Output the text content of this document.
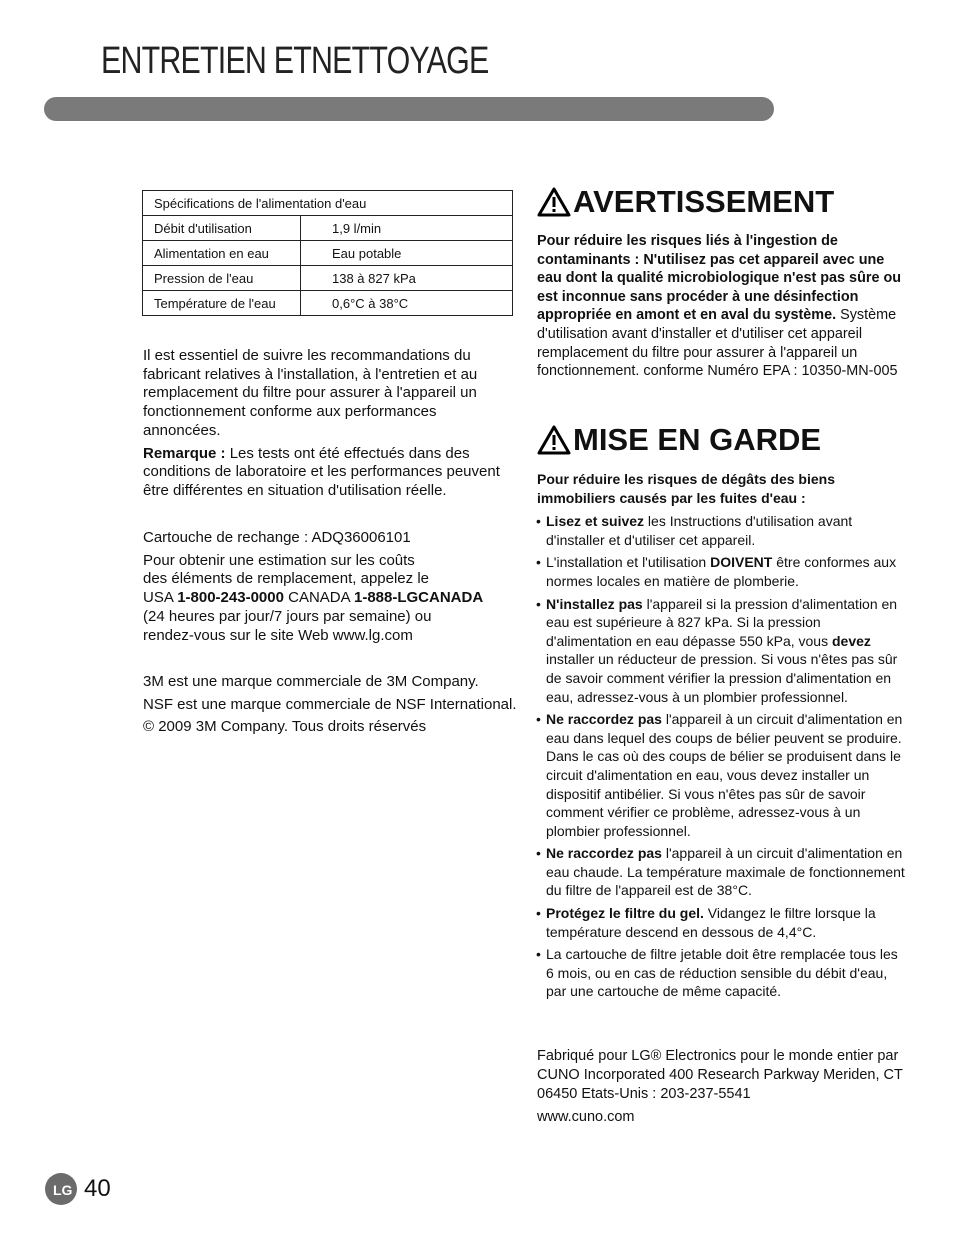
ENTRETIEN ETNETTOYAGE
Spécifications de l'alimentation d'eau	
Débit d'utilisation	1,9 l/min
Alimentation en eau	Eau potable
Pression de l'eau	138 à 827 kPa
Température de l'eau	0,6°C à 38°C

Il est essentiel de suivre les recommandations du fabricant relatives à l'installation, à l'entretien et au remplacement du filtre pour assurer à l'appareil un fonctionnement conforme aux performances annoncées.

Remarque : Les tests ont été effectués dans des conditions de laboratoire et les performances peuvent être différentes en situation d'utilisation réelle.

Cartouche de rechange : ADQ36006101

Pour obtenir une estimation sur les coûts
des éléments de remplacement, appelez le
USA 1-800-243-0000 CANADA 1-888-LGCANADA
(24 heures par jour/7 jours par semaine) ou
rendez-vous sur le site Web www.lg.com

3M est une marque commerciale de 3M Company.

NSF est une marque commerciale de NSF International.

© 2009 3M Company. Tous droits réservés

AVERTISSEMENT
Pour réduire les risques liés à l'ingestion de contaminants : N'utilisez pas cet appareil avec une eau dont la qualité microbiologique n'est pas sûre ou est inconnue sans procéder à une désinfection appropriée en amont et en aval du système. Système d'utilisation avant d'installer et d'utiliser cet appareil remplacement du filtre pour assurer à l'appareil un fonctionnement. conforme Numéro EPA : 10350-MN-005
MISE EN GARDE
Pour réduire les risques de dégâts des biens immobiliers causés par les fuites d'eau :
• Lisez et suivez les Instructions d'utilisation avant d'installer et d'utiliser cet appareil.
• L'installation et l'utilisation DOIVENT être conformes aux normes locales en matière de plomberie.
• N'installez pas l'appareil si la pression d'alimentation en eau est supérieure à 827 kPa. Si la pression d'alimentation en eau dépasse 550 kPa, vous devez installer un réducteur de pression. Si vous n'êtes pas sûr de savoir comment vérifier la pression d'alimentation en eau, adressez-vous à un plombier professionnel.
• Ne raccordez pas l'appareil à un circuit d'alimentation en eau dans lequel des coups de bélier peuvent se produire. Dans le cas où des coups de bélier se produisent dans le circuit d'alimentation en eau, vous devez installer un dispositif antibélier. Si vous n'êtes pas sûr de savoir comment vérifier ce problème, adressez-vous à un plombier professionnel.
• Ne raccordez pas l'appareil à un circuit d'alimentation en eau chaude. La température maximale de fonctionnement du filtre de l'appareil est de 38°C.
• Protégez le filtre du gel. Vidangez le filtre lorsque la température descend en dessous de 4,4°C.
• La cartouche de filtre jetable doit être remplacée tous les 6 mois, ou en cas de réduction sensible du débit d'eau, par une cartouche de même capacité.

Fabriqué pour LG® Electronics pour le monde entier par CUNO Incorporated 400 Research Parkway Meriden, CT 06450 Etats-Unis : 203-237-5541

www.cuno.com

LG 40
